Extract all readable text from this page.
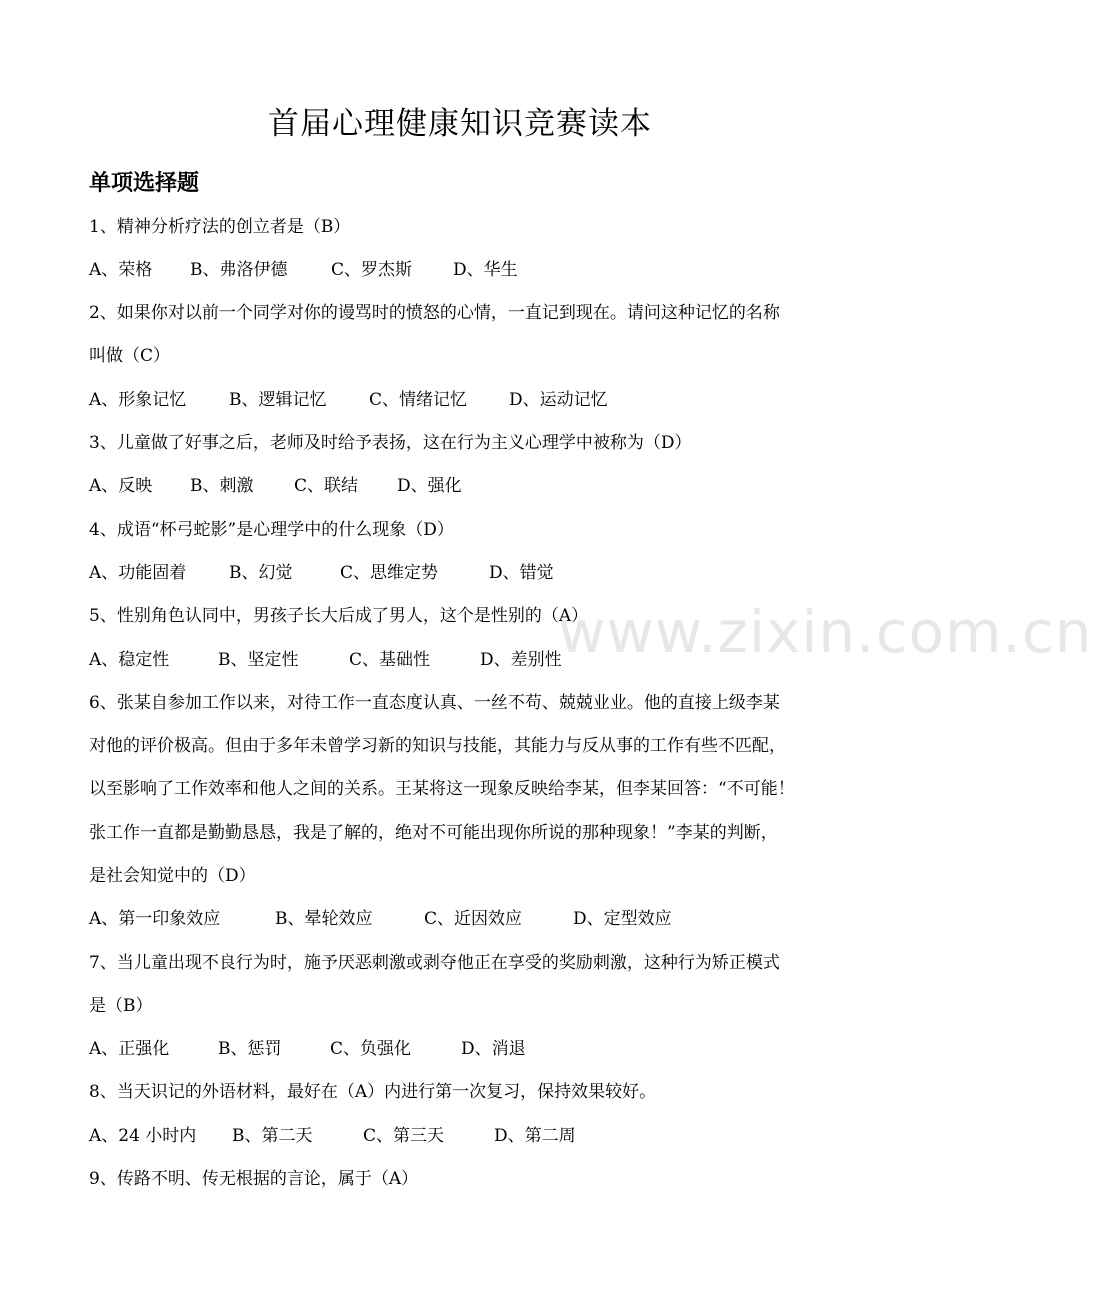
www.zixin.com.cn
首届心理健康知识竞赛读本
单项选择题
1、精神分析疗法的创立者是（B）
A、荣格 B、弗洛伊德	C、罗杰斯 D、华生
2、如果你对以前一个同学对你的谩骂时的愤怒的心情，一直记到现在。请问这种记忆的名称
叫做（C）
A、形象记忆	B、逻辑记忆	C、情绪记忆 D、运动记忆
3、儿童做了好事之后，老师及时给予表扬，这在行为主义心理学中被称为（D）
A、反映 B、刺激 C、联结 D、强化
4、成语“杯弓蛇影”是心理学中的什么现象（D）
A、功能固着	B、幻觉	C、思维定势	D、错觉
5、性别角色认同中，男孩子长大后成了男人，这个是性别的（A）
A、稳定性	B、坚定性	C、基础性	D、差别性
6、张某自参加工作以来，对待工作一直态度认真、一丝不苟、兢兢业业。他的直接上级李某
对他的评价极高。但由于多年未曾学习新的知识与技能，其能力与反从事的工作有些不匹配，
以至影响了工作效率和他人之间的关系。王某将这一现象反映给李某，但李某回答：“不可能！
张工作一直都是勤勤恳恳，我是了解的，绝对不可能出现你所说的那种现象！”李某的判断，
是社会知觉中的（D）
A、第一印象效应	B、晕轮效应	C、近因效应	D、定型效应
7、当儿童出现不良行为时，施予厌恶刺激或剥夺他正在享受的奖励刺激，这种行为矫正模式
是（B）
A、正强化	B、惩罚	C、负强化	D、消退
8、当天识记的外语材料，最好在（A）内进行第一次复习，保持效果较好。
A、24 小时内 B、第二天	C、第三天	D、第二周
9、传路不明、传无根据的言论，属于（A）
